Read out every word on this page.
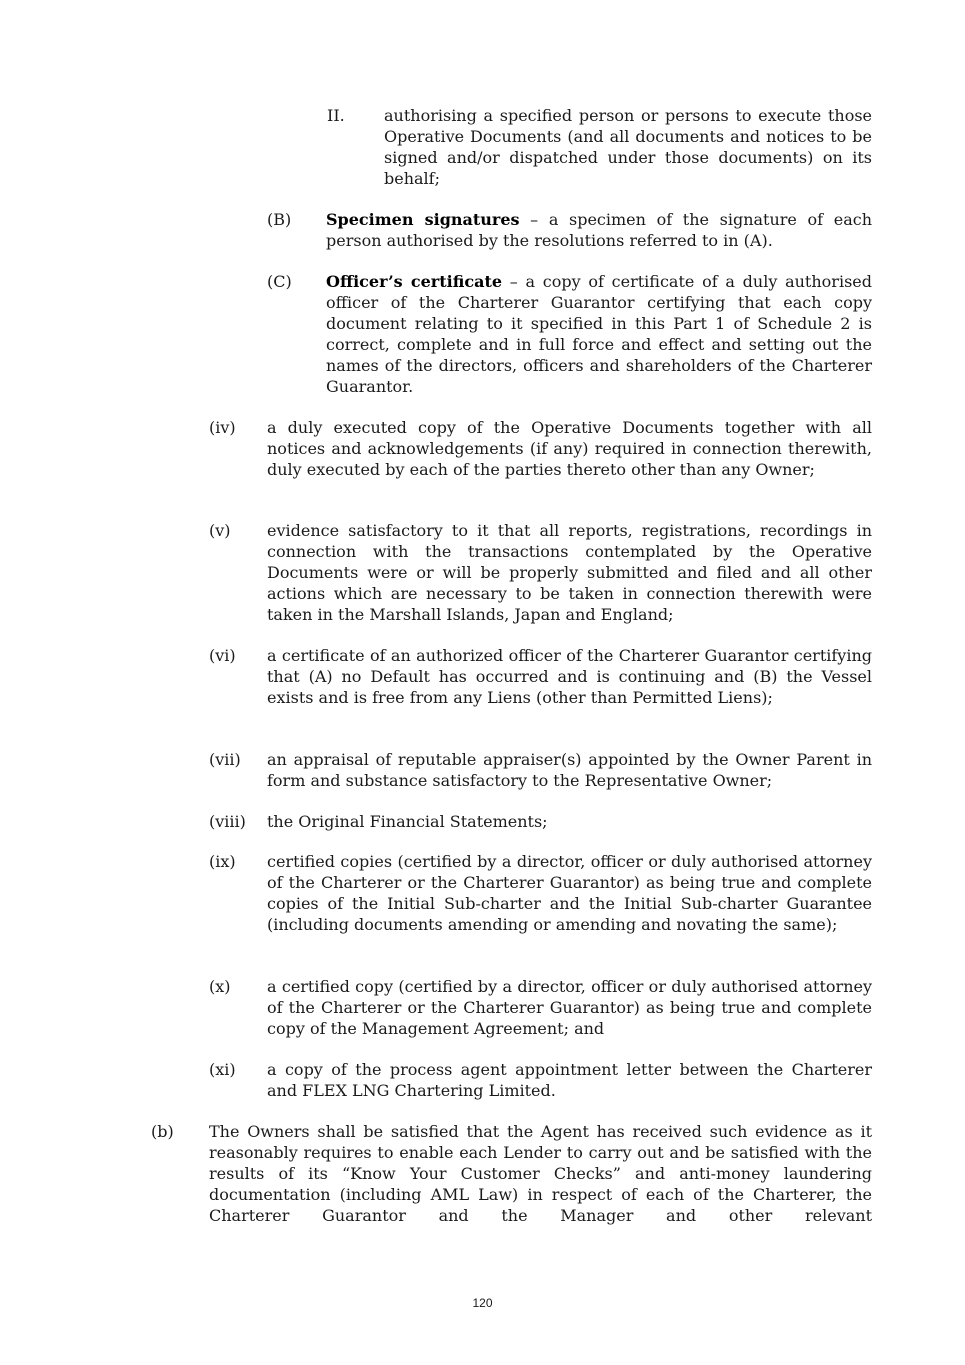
II. authorising a specified person or persons to execute those Operative Documents (and all documents and notices to be signed and/or dispatched under those documents) on its behalf;
(B) Specimen signatures – a specimen of the signature of each person authorised by the resolutions referred to in (A).
(C) Officer’s certificate – a copy of certificate of a duly authorised officer of the Charterer Guarantor certifying that each copy document relating to it specified in this Part 1 of Schedule 2 is correct, complete and in full force and effect and setting out the names of the directors, officers and shareholders of the Charterer Guarantor.
(iv) a duly executed copy of the Operative Documents together with all notices and acknowledgements (if any) required in connection therewith, duly executed by each of the parties thereto other than any Owner;
(v) evidence satisfactory to it that all reports, registrations, recordings in connection with the transactions contemplated by the Operative Documents were or will be properly submitted and filed and all other actions which are necessary to be taken in connection therewith were taken in the Marshall Islands, Japan and England;
(vi) a certificate of an authorized officer of the Charterer Guarantor certifying that (A) no Default has occurred and is continuing and (B) the Vessel exists and is free from any Liens (other than Permitted Liens);
(vii) an appraisal of reputable appraiser(s) appointed by the Owner Parent in form and substance satisfactory to the Representative Owner;
(viii) the Original Financial Statements;
(ix) certified copies (certified by a director, officer or duly authorised attorney of the Charterer or the Charterer Guarantor) as being true and complete copies of the Initial Sub-charter and the Initial Sub-charter Guarantee (including documents amending or amending and novating the same);
(x) a certified copy (certified by a director, officer or duly authorised attorney of the Charterer or the Charterer Guarantor) as being true and complete copy of the Management Agreement; and
(xi) a copy of the process agent appointment letter between the Charterer and FLEX LNG Chartering Limited.
(b) The Owners shall be satisfied that the Agent has received such evidence as it reasonably requires to enable each Lender to carry out and be satisfied with the results of its “Know Your Customer Checks” and anti-money laundering documentation (including AML Law) in respect of each of the Charterer, the Charterer Guarantor and the Manager and other relevant
120
